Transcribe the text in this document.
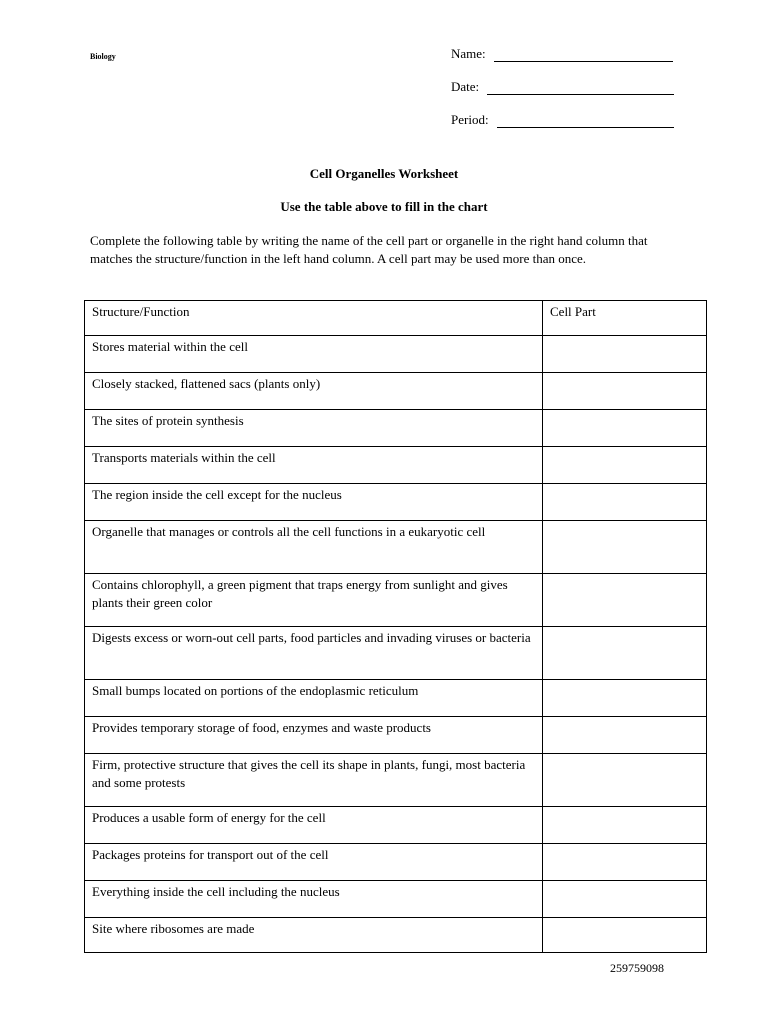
Biology	Name:
Date:
Period:
Cell Organelles Worksheet
Use the table above to fill in the chart
Complete the following table by writing the name of the cell part or organelle in the right hand column that matches the structure/function in the left hand column. A cell part may be used more than once.
Structure/Function	Cell Part
Stores material within the cell	
Closely stacked, flattened sacs (plants only)	
The sites of protein synthesis	
Transports materials within the cell	
The region inside the cell except for the nucleus	
Organelle that manages or controls all the cell functions in a eukaryotic cell	
Contains chlorophyll, a green pigment that traps energy from sunlight and gives plants their green color	
Digests excess or worn-out cell parts, food particles and invading viruses or bacteria	
Small bumps located on portions of the endoplasmic reticulum	
Provides temporary storage of food, enzymes and waste products	
Firm, protective structure that gives the cell its shape in plants, fungi, most bacteria and some protests	
Produces a usable form of energy for the cell	
Packages proteins for transport out of the cell	
Everything inside the cell including the nucleus	
Site where ribosomes are made	
259759098
